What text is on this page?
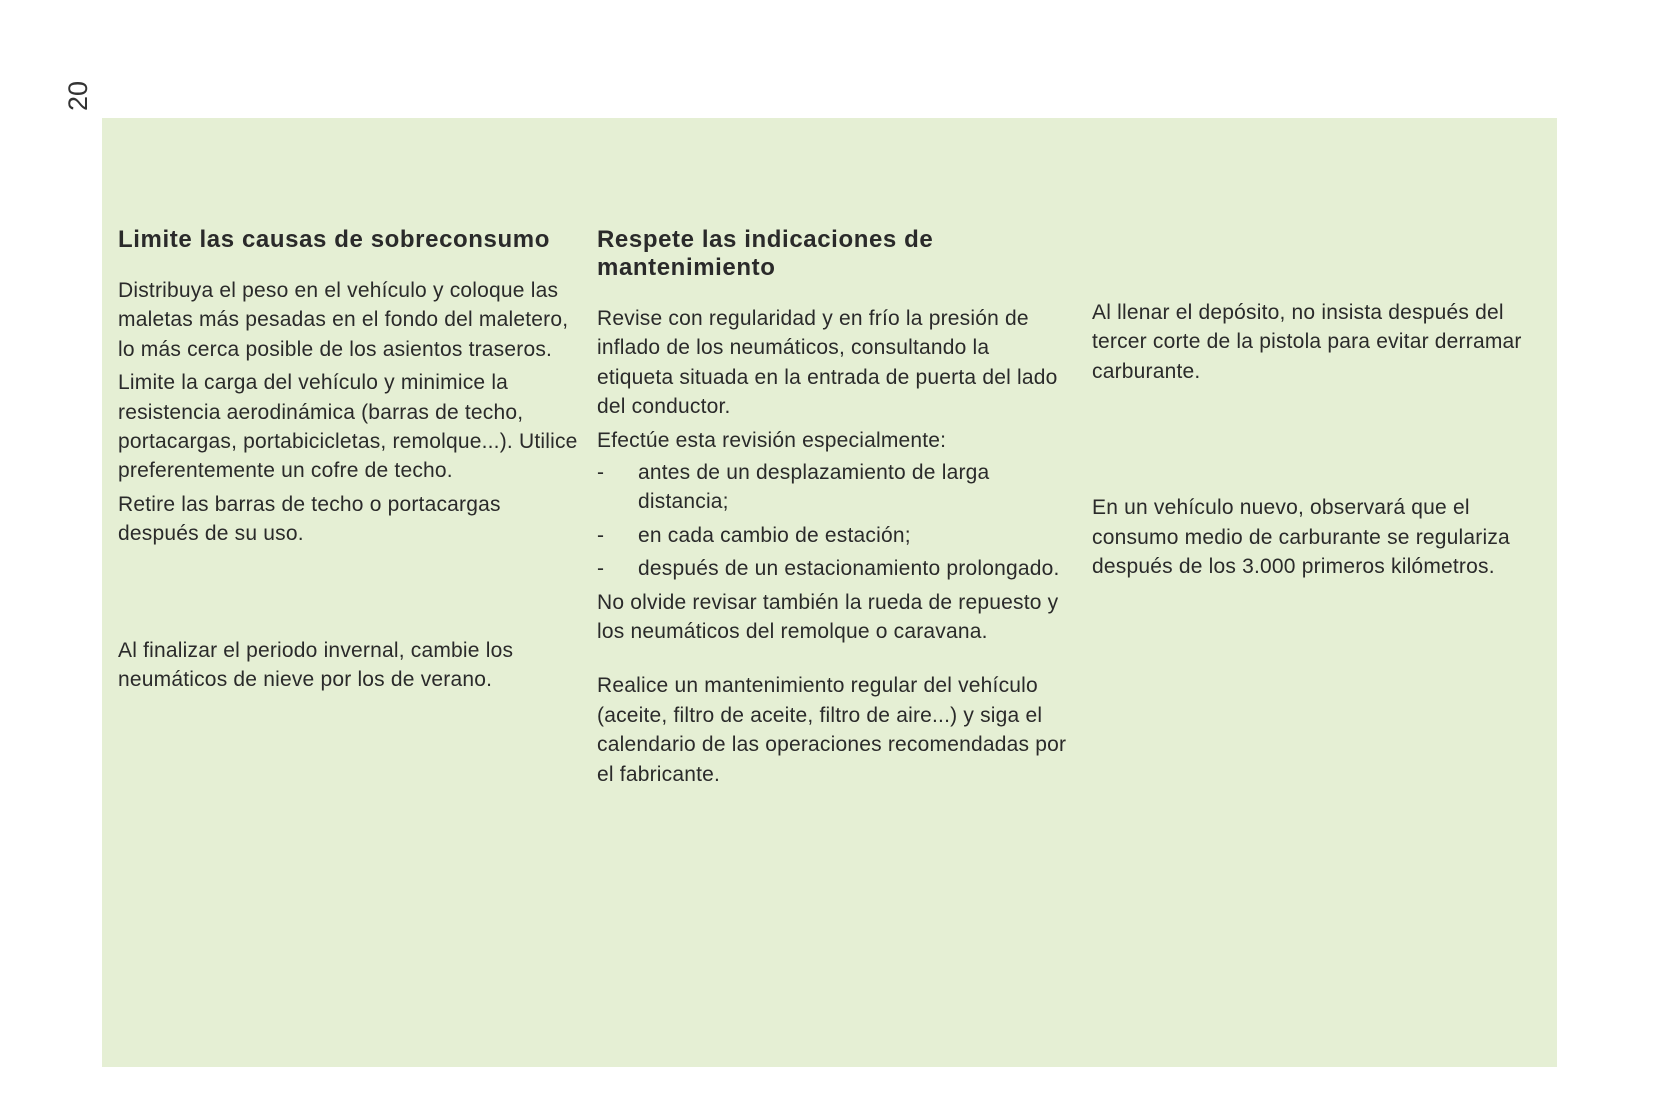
20
Limite las causas de sobreconsumo

Distribuya el peso en el vehículo y coloque las maletas más pesadas en el fondo del maletero, lo más cerca posible de los asientos traseros.

Limite la carga del vehículo y minimice la resistencia aerodinámica (barras de techo, portacargas, portabicicletas, remolque...). Utilice preferentemente un cofre de techo.

Retire las barras de techo o portacargas después de su uso.

Al finalizar el periodo invernal, cambie los neumáticos de nieve por los de verano.

Respete las indicaciones de mantenimiento

Revise con regularidad y en frío la presión de inflado de los neumáticos, consultando la etiqueta situada en la entrada de puerta del lado del conductor.

Efectúe esta revisión especialmente:

- antes de un desplazamiento de larga distancia;
- en cada cambio de estación;
- después de un estacionamiento prolongado.

No olvide revisar también la rueda de repuesto y los neumáticos del remolque o caravana.

Realice un mantenimiento regular del vehículo (aceite, filtro de aceite, filtro de aire...) y siga el calendario de las operaciones recomendadas por el fabricante.

Al llenar el depósito, no insista después del tercer corte de la pistola para evitar derramar carburante.

En un vehículo nuevo, observará que el consumo medio de carburante se regulariza después de los 3.000 primeros kilómetros.
